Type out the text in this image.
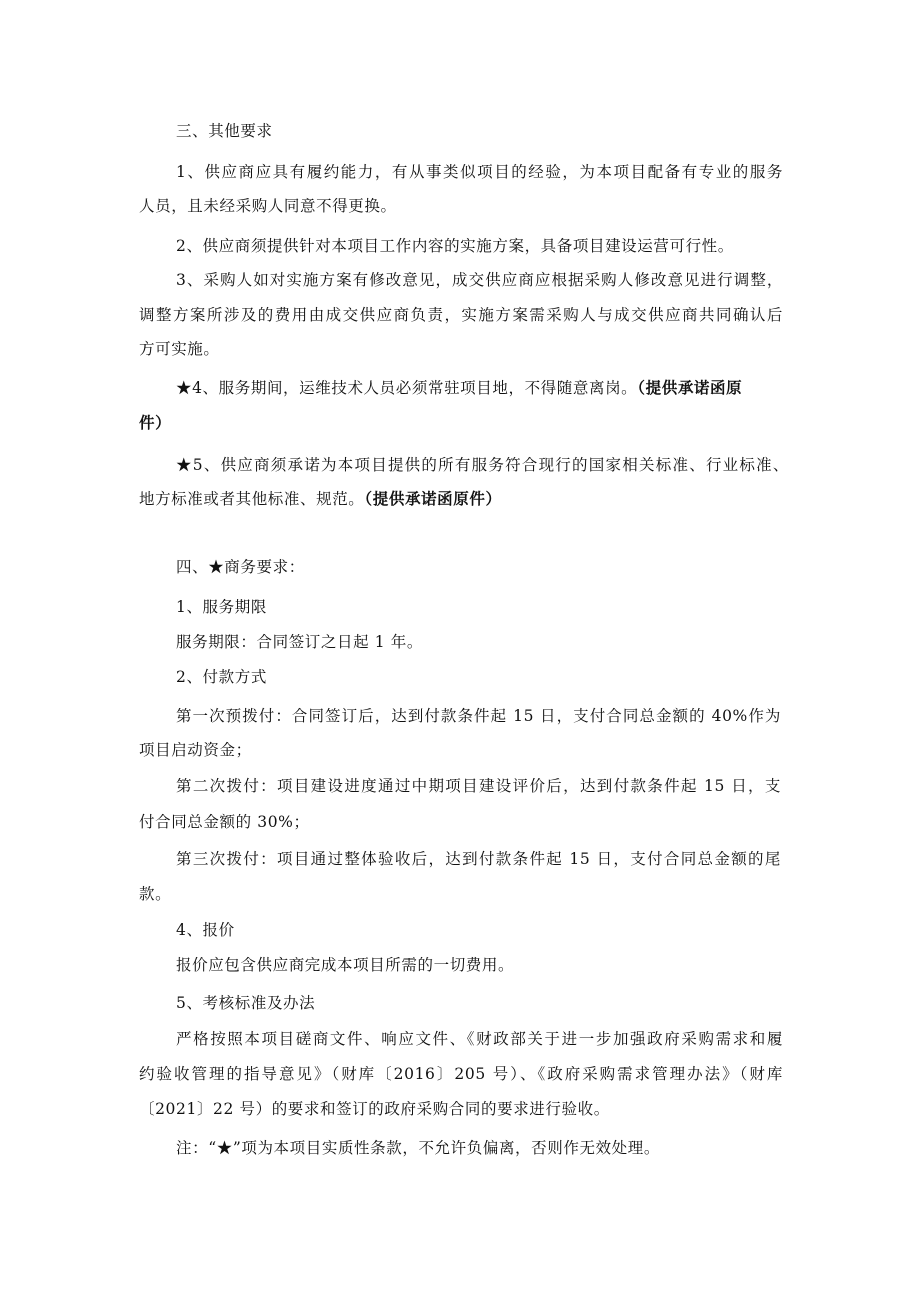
三、其他要求
1、供应商应具有履约能力，有从事类似项目的经验，为本项目配备有专业的服务
人员，且未经采购人同意不得更换。
2、供应商须提供针对本项目工作内容的实施方案，具备项目建设运营可行性。
3、采购人如对实施方案有修改意见，成交供应商应根据采购人修改意见进行调整，
调整方案所涉及的费用由成交供应商负责，实施方案需采购人与成交供应商共同确认后
方可实施。
★4、服务期间，运维技术人员必须常驻项目地，不得随意离岗。（提供承诺函原
件）
★5、供应商须承诺为本项目提供的所有服务符合现行的国家相关标准、行业标准、
地方标准或者其他标准、规范。（提供承诺函原件）
四、★商务要求：
1、服务期限
服务期限：合同签订之日起 1 年。
2、付款方式
第一次预拨付：合同签订后，达到付款条件起 15 日，支付合同总金额的 40%作为
项目启动资金；
第二次拨付：项目建设进度通过中期项目建设评价后，达到付款条件起 15 日，支
付合同总金额的 30%；
第三次拨付：项目通过整体验收后，达到付款条件起 15 日，支付合同总金额的尾
款。
4、报价
报价应包含供应商完成本项目所需的一切费用。
5、考核标准及办法
严格按照本项目磋商文件、响应文件、《财政部关于进一步加强政府采购需求和履
约验收管理的指导意见》（财库〔2016〕205 号）、《政府采购需求管理办法》（财库
〔2021〕22 号）的要求和签订的政府采购合同的要求进行验收。
注：“★”项为本项目实质性条款，不允许负偏离，否则作无效处理。
